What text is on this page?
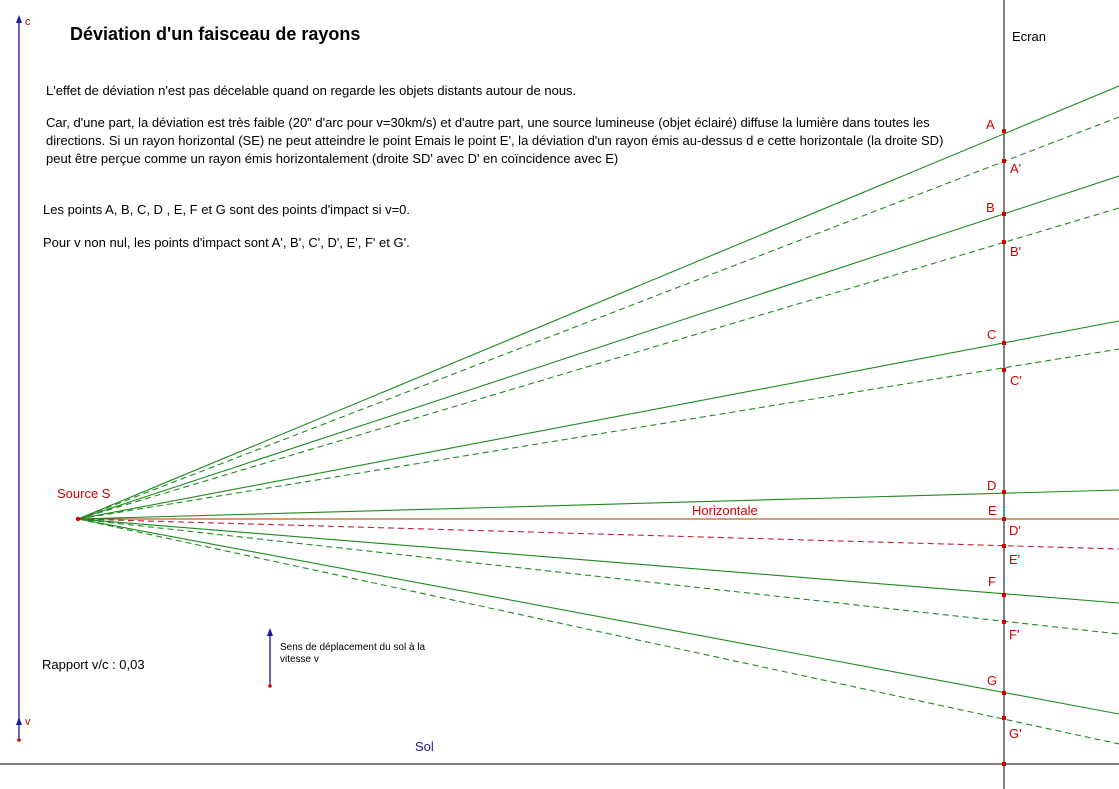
Déviation d'un faisceau de rayons
L'effet de déviation n'est pas décelable quand on regarde les objets distants autour de nous.
Car, d'une part, la déviation est très faible (20" d'arc pour v=30km/s) et d'autre part, une source lumineuse (objet éclairé) diffuse la lumière dans toutes les directions. Si un rayon horizontal (SE) ne peut atteindre le point Emais le point E', la déviation d'un rayon émis au-dessus d e cette horizontale (la droite SD) peut être perçue comme un rayon émis horizontalement (droite SD' avec D' en coïncidence avec E)
Les points A, B, C, D , E, F et G sont des points d'impact si v=0.
Pour v non nul, les points d'impact sont A', B', C', D', E', F' et G'.
Ecran
Source S
Horizontale
Sol
Rapport v/c : 0,03
c
v
Sens de déplacement du sol à la vitesse v
A
B
C
D
E
F
G
A'
B'
C'
D'
E'
F'
G'
